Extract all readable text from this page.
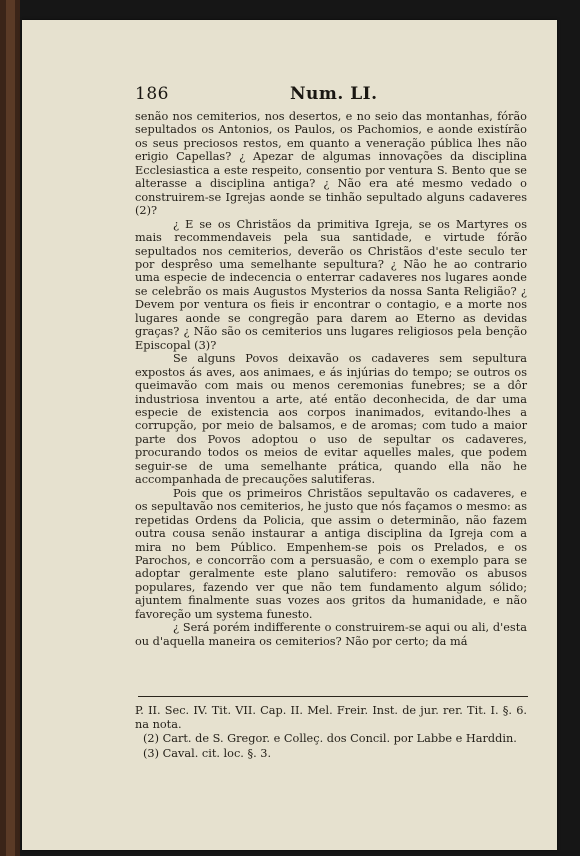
186	Num. LI.

senão nos cemiterios, nos desertos, e no seio das montanhas, fórão sepultados os Antonios, os Paulos, os Pachomios, e aonde existírão os seus preciosos restos, em quanto a veneração pública lhes não erigio Capellas? ¿ Apezar de algumas innovações da disciplina Ecclesiastica a este respeito, consentio por ventura S. Bento que se alterasse a disciplina antiga? ¿ Não era até mesmo vedado o construirem-se Igrejas aonde se tinhão sepultado alguns cadaveres (2)?

¿ E se os Christãos da primitiva Igreja, se os Martyres os mais recommendaveis pela sua santidade, e virtude fórão sepultados nos cemiterios, deverão os Christãos d'este seculo ter por desprêso uma semelhante sepultura? ¿ Não he ao contrario uma especie de indecencia o enterrar cadaveres nos lugares aonde se celebrão os mais Augustos Mysterios da nossa Santa Religião? ¿ Devem por ventura os fieis ir encontrar o contagio, e a morte nos lugares aonde se congregão para darem ao Eterno as devidas graças? ¿ Não são os cemiterios uns lugares religiosos pela benção Episcopal (3)?

Se alguns Povos deixavão os cadaveres sem sepultura expostos ás aves, aos animaes, e ás injúrias do tempo; se outros os queimavão com mais ou menos ceremonias funebres; se a dôr industriosa inventou a arte, até então deconhecida, de dar uma especie de existencia aos corpos inanimados, evitando-lhes a corrupção, por meio de balsamos, e de aromas; com tudo a maior parte dos Povos adoptou o uso de sepultar os cadaveres, procurando todos os meios de evitar aquelles males, que podem seguir-se de uma semelhante prática, quando ella não he accompanhada de precauções salutiferas.

Pois que os primeiros Christãos sepultavão os cadaveres, e os sepultavão nos cemiterios, he justo que nós façamos o mesmo: as repetidas Ordens da Policia, que assim o determinão, não fazem outra cousa senão instaurar a antiga disciplina da Igreja com a mira no bem Público. Empenhem-se pois os Prelados, e os Parochos, e concorrão com a persuasão, e com o exemplo para se adoptar geralmente este plano salutifero: removão os abusos populares, fazendo ver que não tem fundamento algum sólido; ajuntem finalmente suas vozes aos gritos da humanidade, e não favoreção um systema funesto.

¿ Será porém indifferente o construirem-se aqui ou ali, d'esta ou d'aquella maneira os cemiterios? Não por certo; da má

P. II. Sec. IV. Tit. VII. Cap. II. Mel. Freir. Inst. de jur. rer. Tit. I. §. 6. na nota.

(2) Cart. de S. Gregor. e Colleç. dos Concil. por Labbe e Harddin.

(3) Caval. cit. loc. §. 3.
